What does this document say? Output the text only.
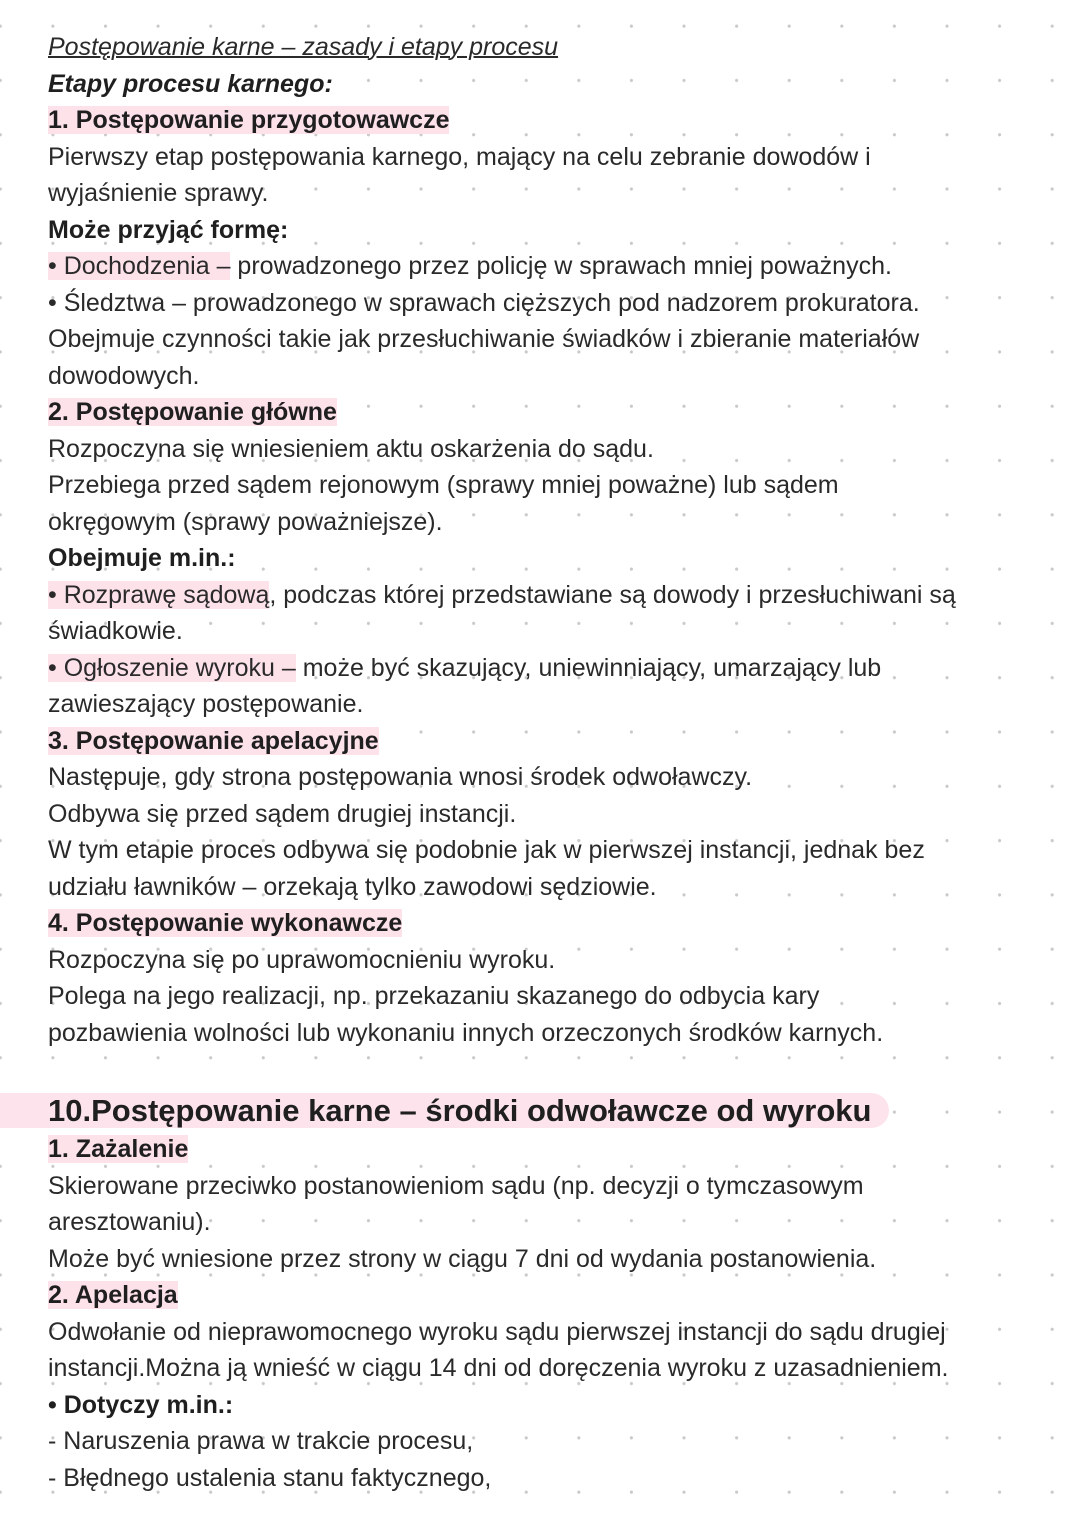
Postępowanie karne – zasady i etapy procesu
Etapy procesu karnego:
1. Postępowanie przygotowawcze
Pierwszy etap postępowania karnego, mający na celu zebranie dowodów i
wyjaśnienie sprawy.
Może przyjąć formę:
• Dochodzenia – prowadzonego przez policję w sprawach mniej poważnych.
• Śledztwa – prowadzonego w sprawach cięższych pod nadzorem prokuratora.
Obejmuje czynności takie jak przesłuchiwanie świadków i zbieranie materiałów
dowodowych.
2. Postępowanie główne
Rozpoczyna się wniesieniem aktu oskarżenia do sądu.
Przebiega przed sądem rejonowym (sprawy mniej poważne) lub sądem
okręgowym (sprawy poważniejsze).
Obejmuje m.in.:
• Rozprawę sądową, podczas której przedstawiane są dowody i przesłuchiwani są
świadkowie.
• Ogłoszenie wyroku – może być skazujący, uniewinniający, umarzający lub
zawieszający postępowanie.
3. Postępowanie apelacyjne
Następuje, gdy strona postępowania wnosi środek odwoławczy.
Odbywa się przed sądem drugiej instancji.
W tym etapie proces odbywa się podobnie jak w pierwszej instancji, jednak bez
udziału ławników – orzekają tylko zawodowi sędziowie.
4. Postępowanie wykonawcze
Rozpoczyna się po uprawomocnieniu wyroku.
Polega na jego realizacji, np. przekazaniu skazanego do odbycia kary
pozbawienia wolności lub wykonaniu innych orzeczonych środków karnych.
10.Postępowanie karne – środki odwoławcze od wyroku
1. Zażalenie
Skierowane przeciwko postanowieniom sądu (np. decyzji o tymczasowym
aresztowaniu).
Może być wniesione przez strony w ciągu 7 dni od wydania postanowienia.
2. Apelacja
Odwołanie od nieprawomocnego wyroku sądu pierwszej instancji do sądu drugiej
instancji.Można ją wnieść w ciągu 14 dni od doręczenia wyroku z uzasadnieniem.
• Dotyczy m.in.:
- Naruszenia prawa w trakcie procesu,
- Błędnego ustalenia stanu faktycznego,
